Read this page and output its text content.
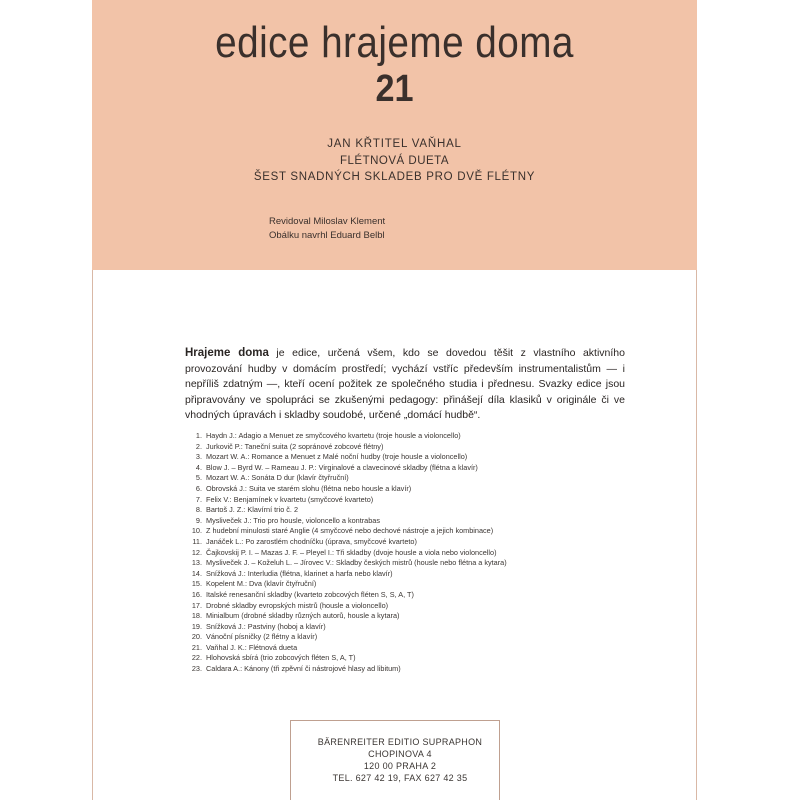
edice hrajeme doma
21
JAN KŘTITEL VAŇHAL
FLÉTNOVÁ DUETA
ŠEST SNADNÝCH SKLADEB PRO DVĚ FLÉTNY
Revidoval Miloslav Klement
Obálku navrhl Eduard Belbl
Hrajeme doma je edice, určená všem, kdo se dovedou těšit z vlastního aktivního provozování hudby v domácím prostředí; vychází vstříc především instrumentalistům — i nepříliš zdatným —, kteří ocení požitek ze společného studia i přednesu. Svazky edice jsou připravovány ve spolupráci se zkušenými pedagogy: přinášejí díla klasiků v originále či ve vhodných úpravách i skladby soudobé, určené „domácí hudbě“.
1. Haydn J.: Adagio a Menuet ze smyčcového kvartetu (troje housle a violoncello)
2. Jurkovič P.: Taneční suita (2 sopránové zobcové flétny)
3. Mozart W. A.: Romance a Menuet z Malé noční hudby (troje housle a violoncello)
4. Blow J. – Byrd W. – Rameau J. P.: Virginalové a clavecinové skladby (flétna a klavír)
5. Mozart W. A.: Sonáta D dur (klavír čtyřruční)
6. Obrovská J.: Suita ve starém slohu (flétna nebo housle a klavír)
7. Felix V.: Benjamínek v kvartetu (smyčcové kvarteto)
8. Bartoš J. Z.: Klavírní trio č. 2
9. Mysliveček J.: Trio pro housle, violoncello a kontrabas
10. Z hudební minulosti staré Anglie (4 smyčcové nebo dechové nástroje a jejich kombinace)
11. Janáček L.: Po zarostlém chodníčku (úprava, smyčcové kvarteto)
12. Čajkovskij P. I. – Mazas J. F. – Pleyel I.: Tři skladby (dvoje housle a viola nebo violoncello)
13. Mysliveček J. – Koželuh L. – Jírovec V.: Skladby českých mistrů (housle nebo flétna a kytara)
14. Snížková J.: Interludia (flétna, klarinet a harfa nebo klavír)
15. Kopelent M.: Dva (klavír čtyřruční)
16. Italské renesanční skladby (kvarteto zobcových fléten S, S, A, T)
17. Drobné skladby evropských mistrů (housle a violoncello)
18. Minialbum (drobné skladby různých autorů, housle a kytara)
19. Snížková J.: Pastviny (hoboj a klavír)
20. Vánoční písničky (2 flétny a klavír)
21. Vaňhal J. K.: Flétnová dueta
22. Hlohovská sbírá (trio zobcových fléten S, A, T)
23. Caldara A.: Kánony (tři zpěvní či nástrojové hlasy ad libitum)
BÄRENREITER EDITIO SUPRAPHON
CHOPINOVA 4
120 00 PRAHA 2
TEL. 627 42 19, FAX 627 42 35
